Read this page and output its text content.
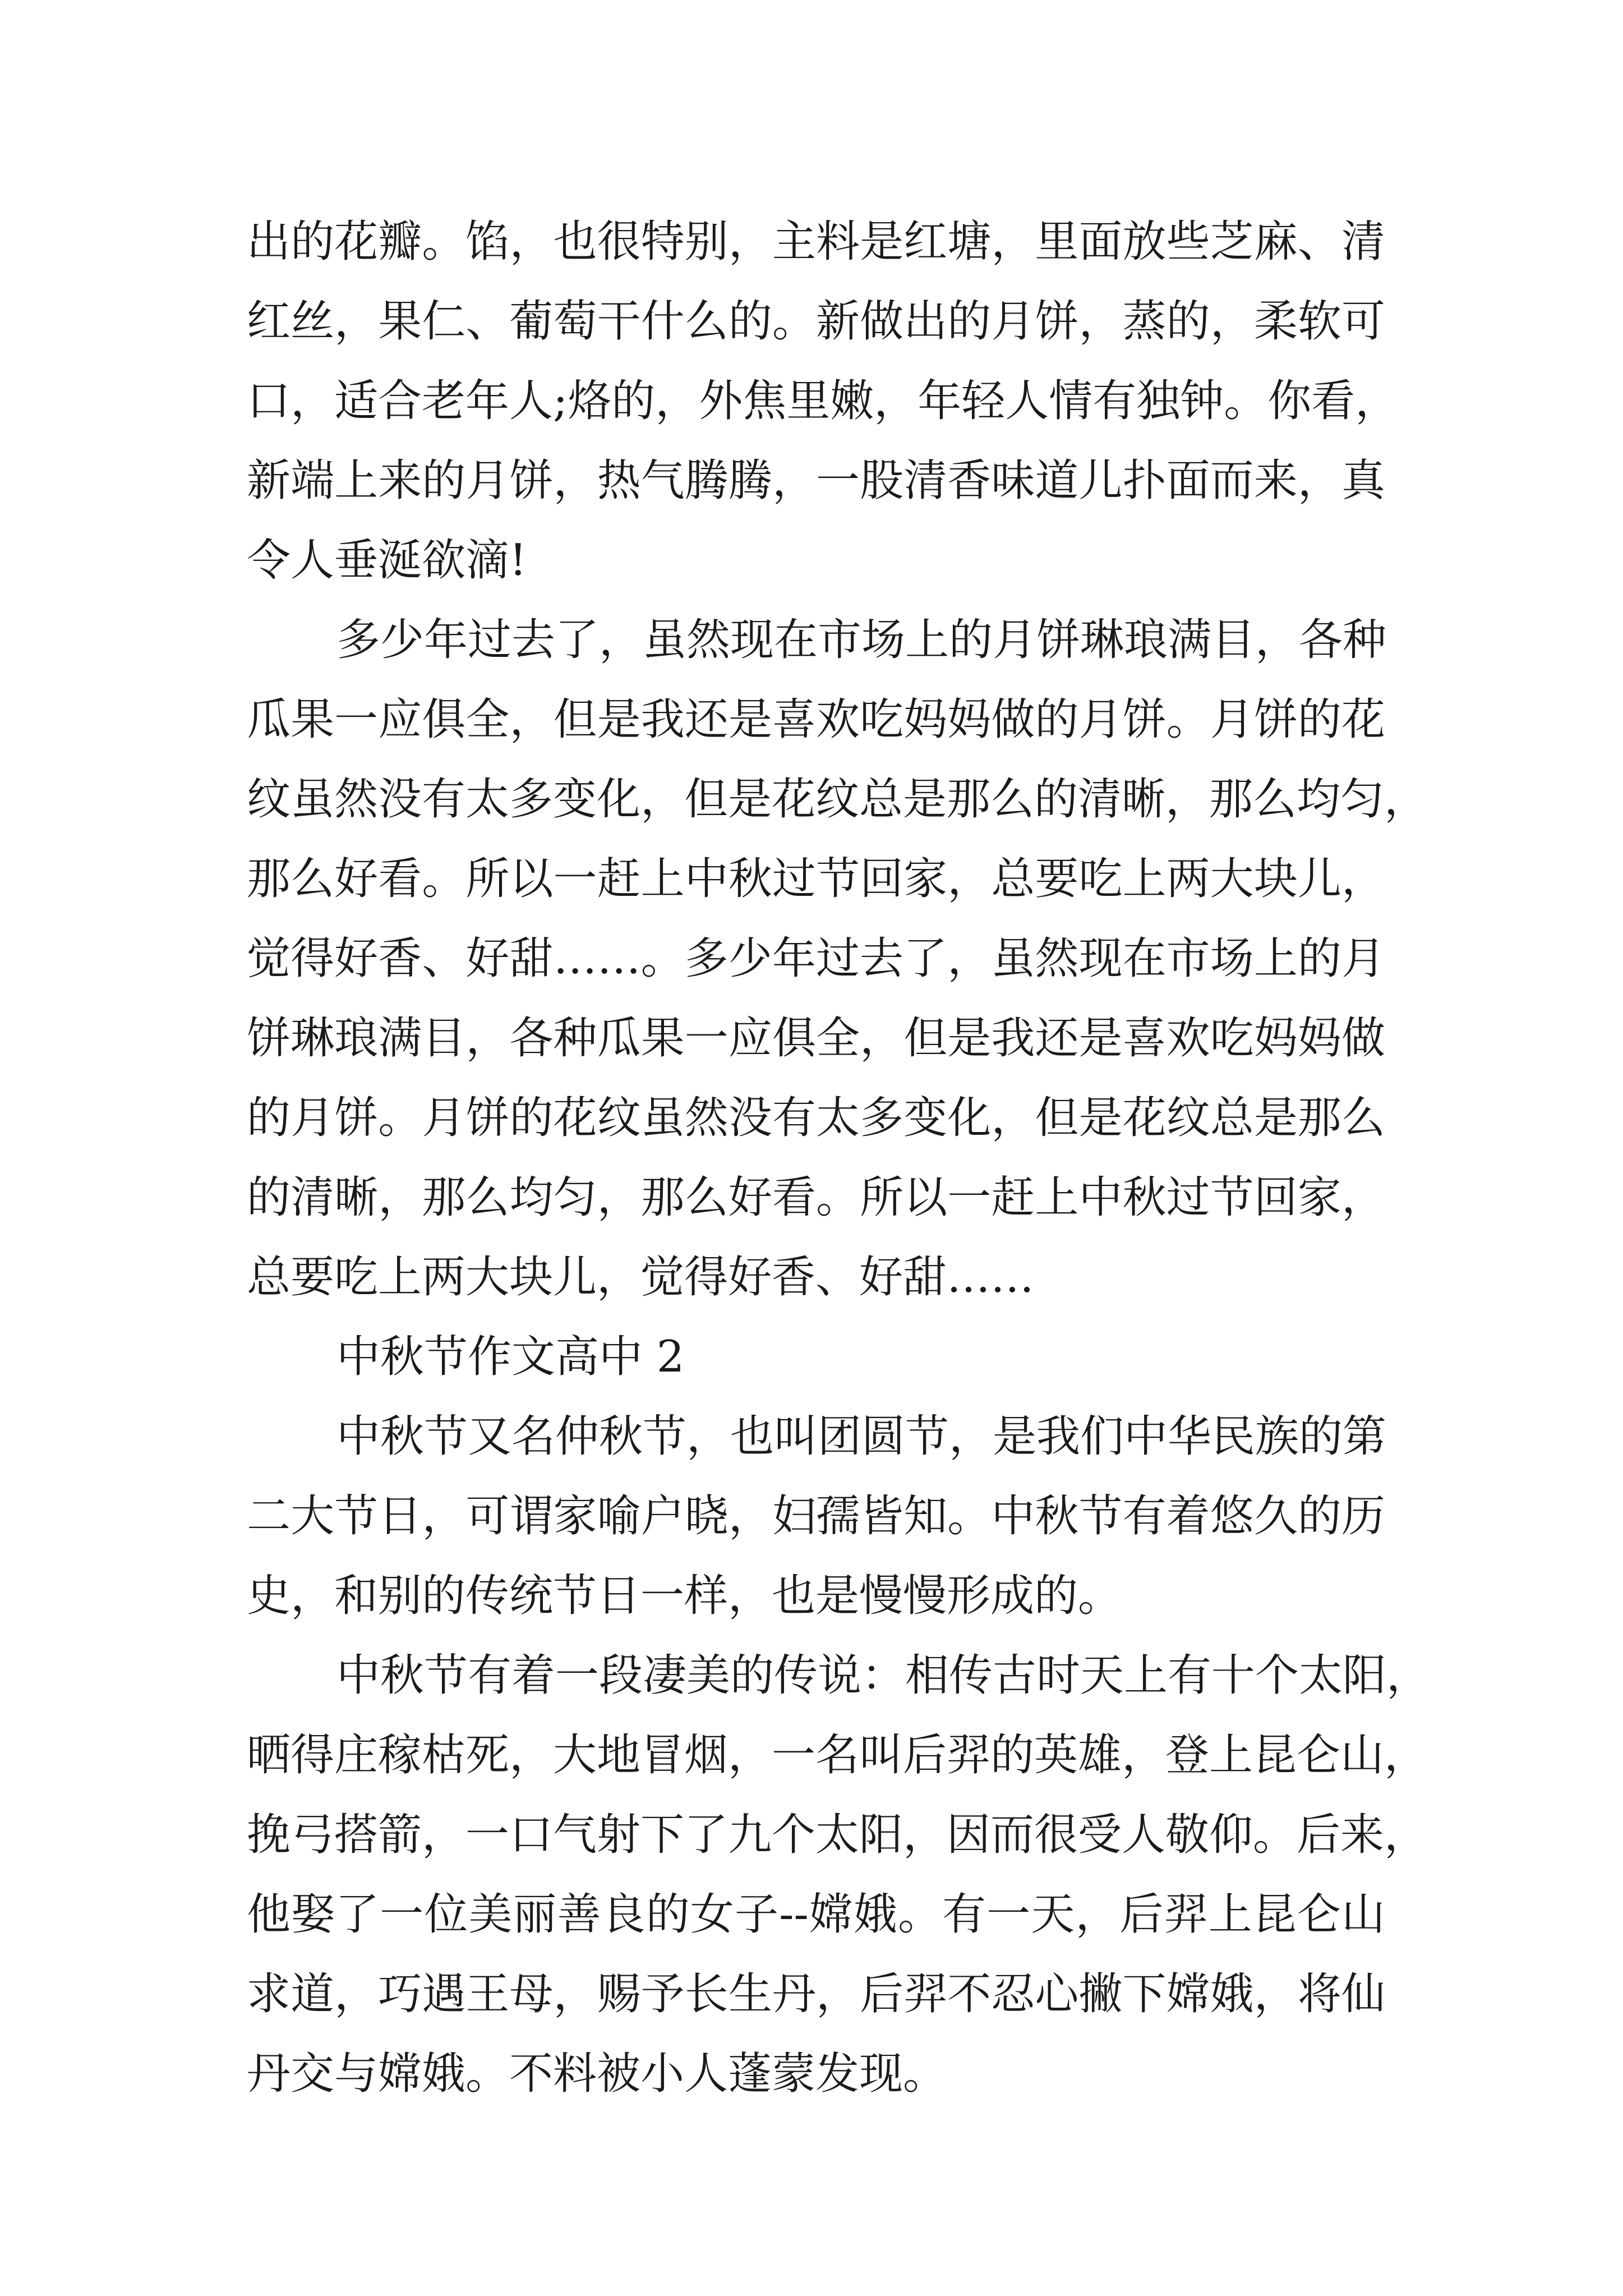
出的花瓣。馅，也很特别，主料是红塘，里面放些芝麻、清
红丝，果仁、葡萄干什么的。新做出的月饼，蒸的，柔软可
口，适合老年人;烙的，外焦里嫩，年轻人情有独钟。你看，
新端上来的月饼，热气腾腾，一股清香味道儿扑面而来，真
令人垂涎欲滴!
多少年过去了，虽然现在市场上的月饼琳琅满目，各种
瓜果一应俱全，但是我还是喜欢吃妈妈做的月饼。月饼的花
纹虽然没有太多变化，但是花纹总是那么的清晰，那么均匀，
那么好看。所以一赶上中秋过节回家，总要吃上两大块儿，
觉得好香、好甜……。多少年过去了，虽然现在市场上的月
饼琳琅满目，各种瓜果一应俱全，但是我还是喜欢吃妈妈做
的月饼。月饼的花纹虽然没有太多变化，但是花纹总是那么
的清晰，那么均匀，那么好看。所以一赶上中秋过节回家，
总要吃上两大块儿，觉得好香、好甜……
中秋节作文高中 2
中秋节又名仲秋节，也叫团圆节，是我们中华民族的第
二大节日，可谓家喻户晓，妇孺皆知。中秋节有着悠久的历
史，和别的传统节日一样，也是慢慢形成的。
中秋节有着一段凄美的传说：相传古时天上有十个太阳，
晒得庄稼枯死，大地冒烟，一名叫后羿的英雄，登上昆仑山，
挽弓搭箭，一口气射下了九个太阳，因而很受人敬仰。后来，
他娶了一位美丽善良的女子--嫦娥。有一天，后羿上昆仑山
求道，巧遇王母，赐予长生丹，后羿不忍心撇下嫦娥，将仙
丹交与嫦娥。不料被小人蓬蒙发现。
